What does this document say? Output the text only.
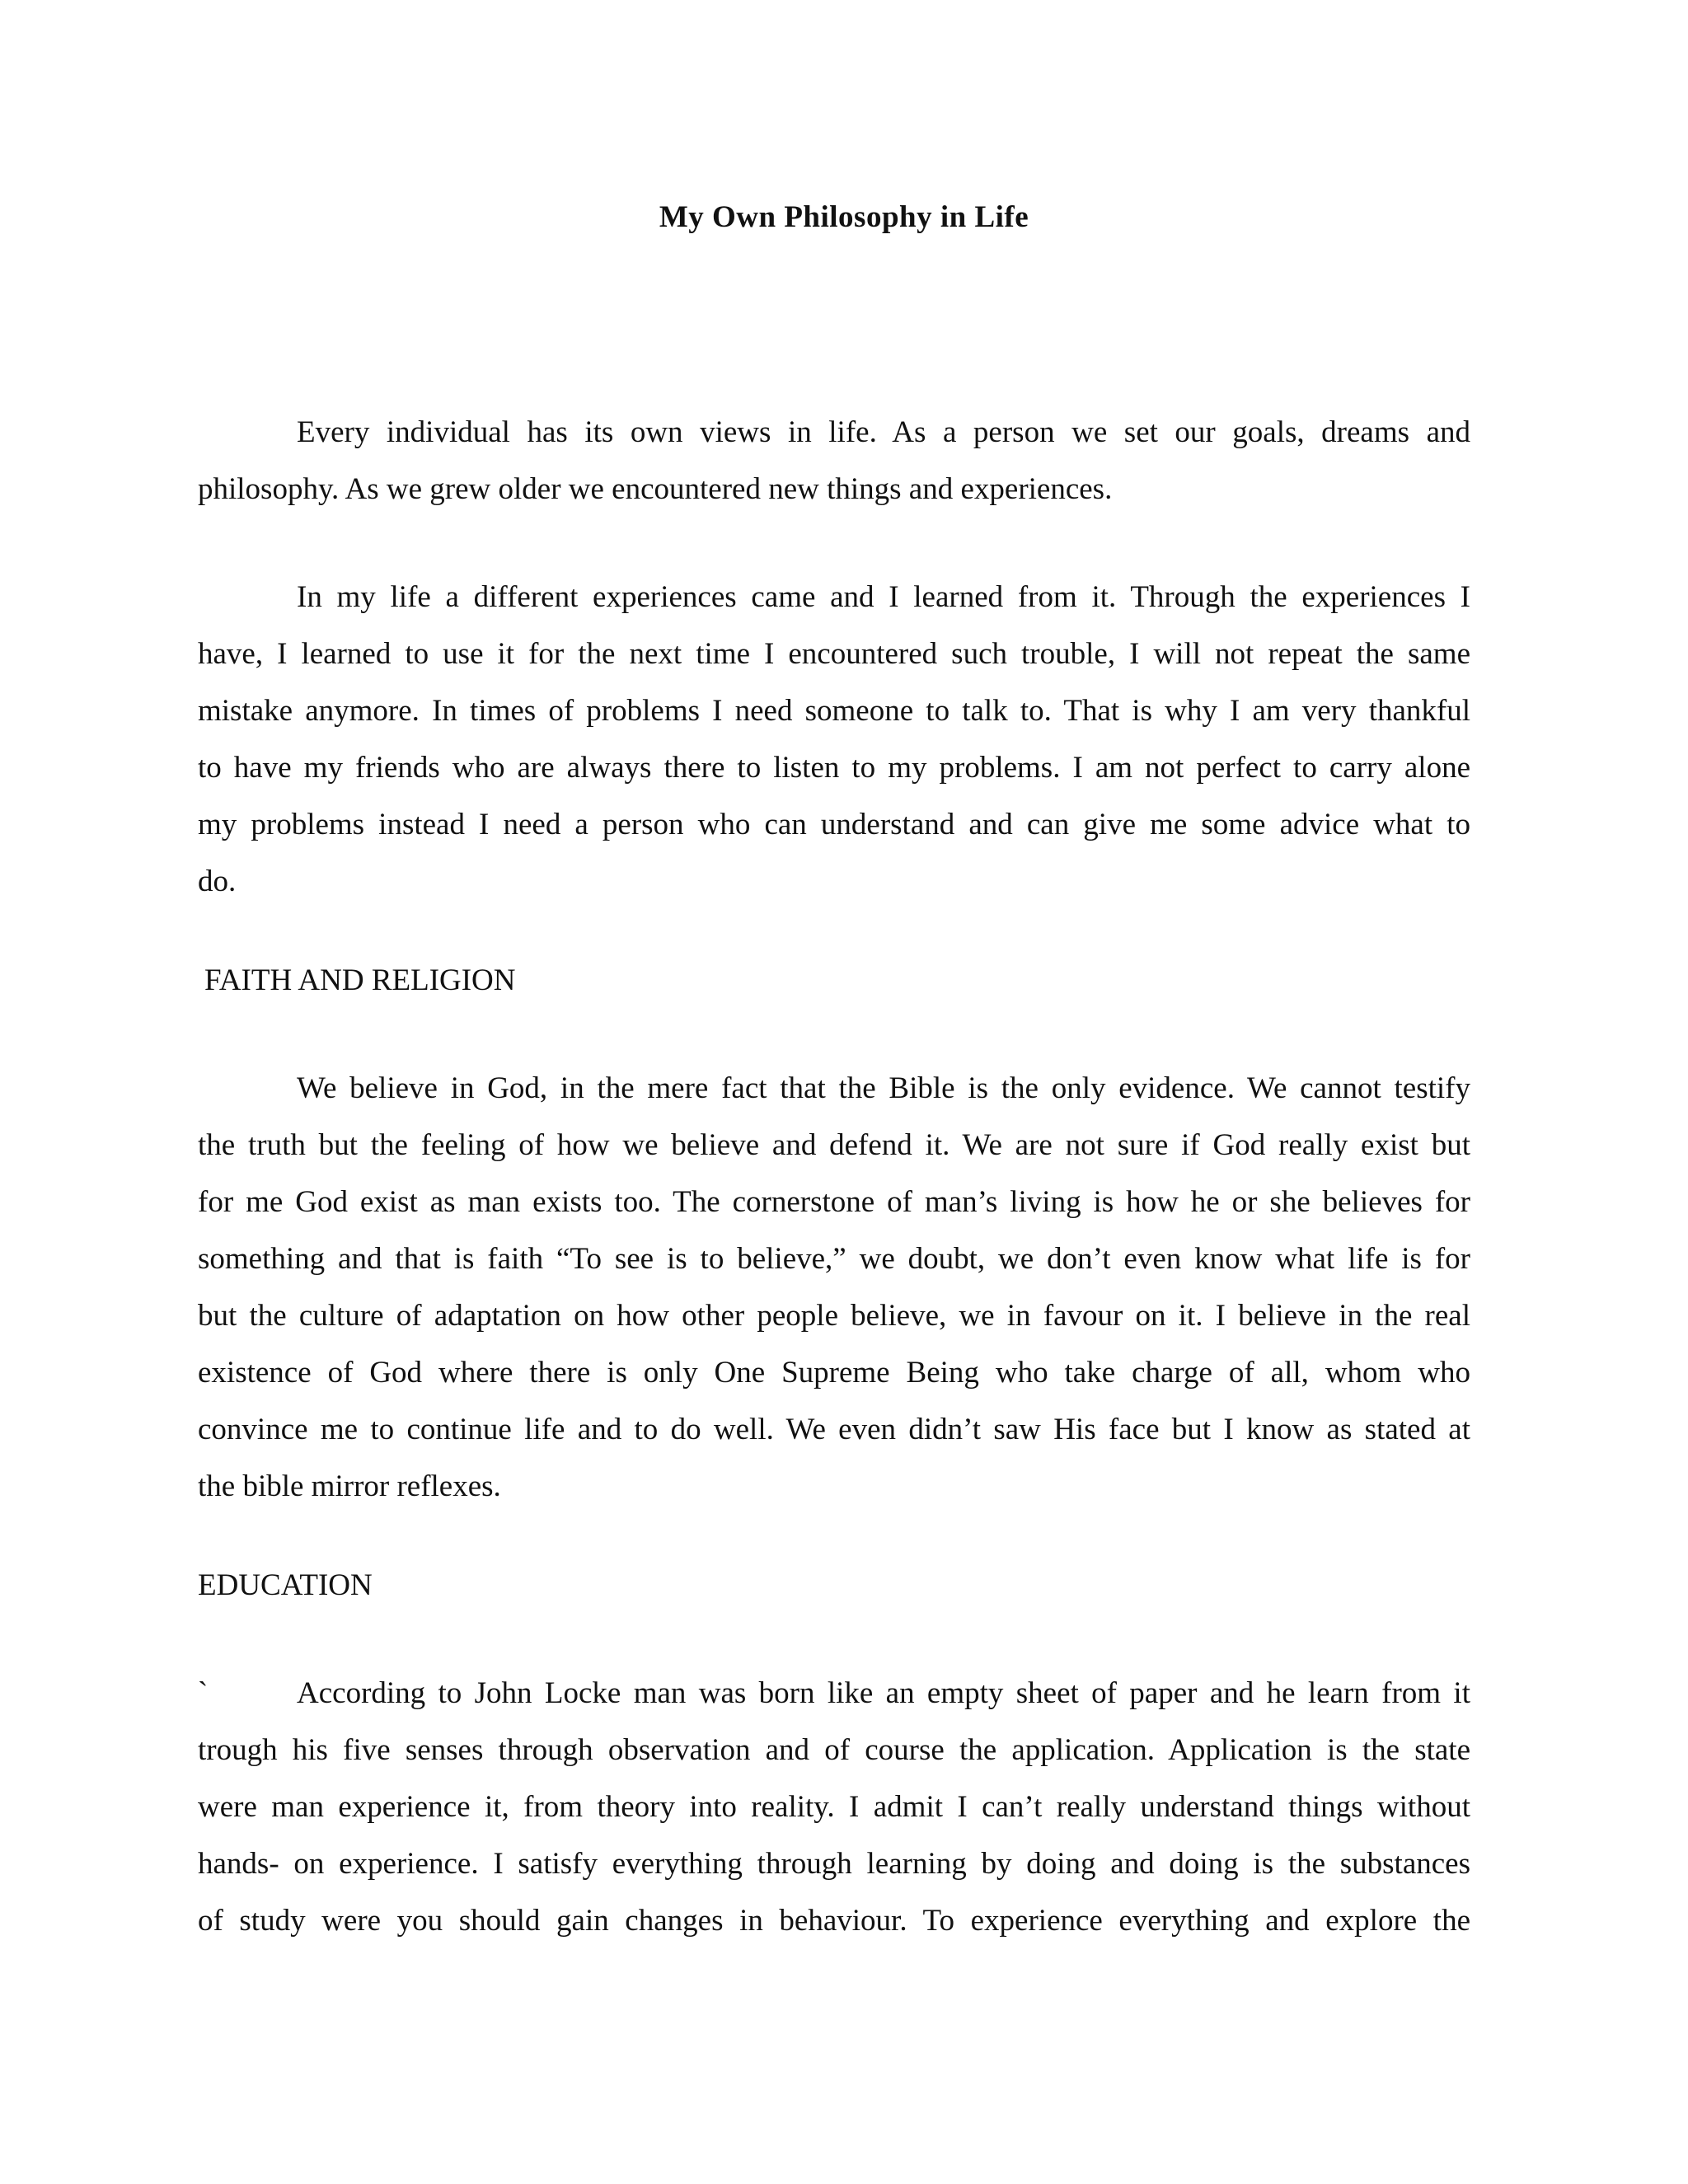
My Own Philosophy in Life
Every individual has its own views in life. As a person we set our goals, dreams and
philosophy. As we grew older we encountered new things and experiences.
In my life a different experiences came and I learned from it. Through the experiences I
have, I learned to use it for the next time I encountered such trouble, I will not repeat the same
mistake anymore. In times of problems I need someone to talk to. That is why I am very thankful
to have my friends who are always there to listen to my problems. I am not perfect to carry alone
my problems instead I need a person who can understand and can give me some advice what to
do.
FAITH AND RELIGION
We believe in God, in the mere fact that the Bible is the only evidence. We cannot testify
the truth but the feeling of how we believe and defend it. We are not sure if God really exist but
for me God exist as man exists too. The cornerstone of man’s living is how he or she believes for
something and that is faith “To see is to believe,” we doubt, we don’t even know what life is for
but the culture of adaptation on how other people believe, we in favour on it. I believe in the real
existence of God where there is only One Supreme Being who take charge of all, whom who
convince me to continue life and to do well. We even didn’t saw His face but I know as stated at
the bible mirror reflexes.
EDUCATION
`	According to John Locke man was born like an empty sheet of paper and he learn from it
trough his five senses through observation and of course the application. Application is the state
were man experience it, from theory into reality. I admit I can’t really understand things without
hands- on experience. I satisfy everything through learning by doing and doing is the substances
of study were you should gain changes in behaviour. To experience everything and explore the
